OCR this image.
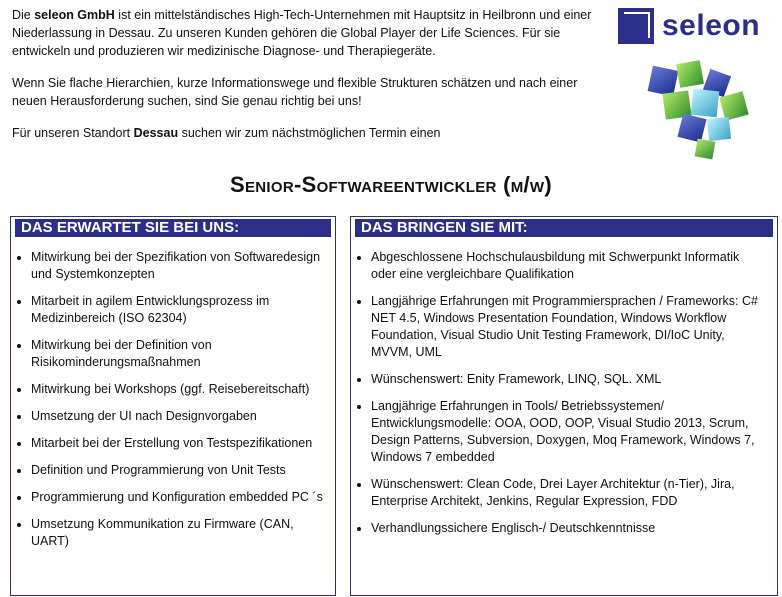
Die seleon GmbH ist ein mittelständisches High-Tech-Unternehmen mit Hauptsitz in Heilbronn und einer Niederlassung in Dessau. Zu unseren Kunden gehören die Global Player der Life Sciences. Für sie entwickeln und produzieren wir medizinische Diagnose- und Therapiegeräte.

Wenn Sie flache Hierarchien, kurze Informationswege und flexible Strukturen schätzen und nach einer neuen Herausforderung suchen, sind Sie genau richtig bei uns!

Für unseren Standort Dessau suchen wir zum nächstmöglichen Termin einen

seleon
Senior-Softwareentwickler (m/w)
DAS ERWARTET SIE BEI UNS:
• Mitwirkung bei der Spezifikation von Softwaredesign und Systemkonzepten
• Mitarbeit in agilem Entwicklungsprozess im Medizinbereich (ISO 62304)
• Mitwirkung bei der Definition von Risikominderungsmaßnahmen
• Mitwirkung bei Workshops (ggf. Reisebereitschaft)
• Umsetzung der UI nach Designvorgaben
• Mitarbeit bei der Erstellung von Testspezifikationen
• Definition und Programmierung von Unit Tests
• Programmierung und Konfiguration embedded PC ´s
• Umsetzung Kommunikation zu Firmware (CAN, UART)
DAS BRINGEN SIE MIT:
• Abgeschlossene Hochschulausbildung mit Schwerpunkt Informatik oder eine vergleichbare Qualifikation
• Langjährige Erfahrungen mit Programmiersprachen / Frameworks: C# NET 4.5, Windows Presentation Foundation, Windows Workflow Foundation, Visual Studio Unit Testing Framework, DI/IoC Unity, MVVM, UML
• Wünschenswert: Enity Framework, LINQ, SQL. XML
• Langjährige Erfahrungen in Tools/ Betriebssystemen/ Entwicklungsmodelle: OOA, OOD, OOP, Visual Studio 2013, Scrum, Design Patterns, Subversion, Doxygen, Moq Framework, Windows 7, Windows 7 embedded
• Wünschenswert: Clean Code, Drei Layer Architektur (n-Tier), Jira, Enterprise Architekt, Jenkins, Regular Expression, FDD
• Verhandlungssichere Englisch-/ Deutschkenntnisse
